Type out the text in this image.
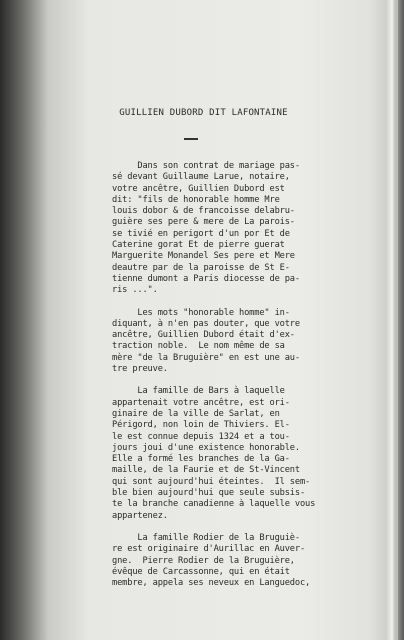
GUILLIEN DUBORD DIT LAFONTAINE
Dans son contrat de mariage pas-
sé devant Guillaume Larue, notaire,
votre ancêtre, Guillien Dubord est
dit: "fils de honorable homme Mre
louis dobor & de francoisse delabru-
guière ses pere & mere de La parois-
se tivié en perigort d'un por Et de
Caterine gorat Et de pierre guerat
Marguerite Monandel Ses pere et Mere
deautre par de la paroisse de St E-
tienne dumont a Paris diocesse de pa-
ris ...".
Les mots "honorable homme" in-
diquant, à n'en pas douter, que votre
ancêtre, Guillien Dubord était d'ex-
traction noble.  Le nom même de sa
mère "de la Bruguière" en est une au-
tre preuve.
La famille de Bars à laquelle
appartenait votre ancêtre, est ori-
ginaire de la ville de Sarlat, en
Périgord, non loin de Thiviers. El-
le est connue depuis 1324 et a tou-
jours joui d'une existence honorable.
Elle a formé les branches de la Ga-
maille, de la Faurie et de St-Vincent
qui sont aujourd'hui éteintes.  Il sem-
ble bien aujourd'hui que seule subsis-
te la branche canadienne à laquelle vous
appartenez.
La famille Rodier de la Bruguiè-
re est originaire d'Aurillac en Auver-
gne.  Pierre Rodier de la Bruguière,
évêque de Carcassonne, qui en était
membre, appela ses neveux en Languedoc,
